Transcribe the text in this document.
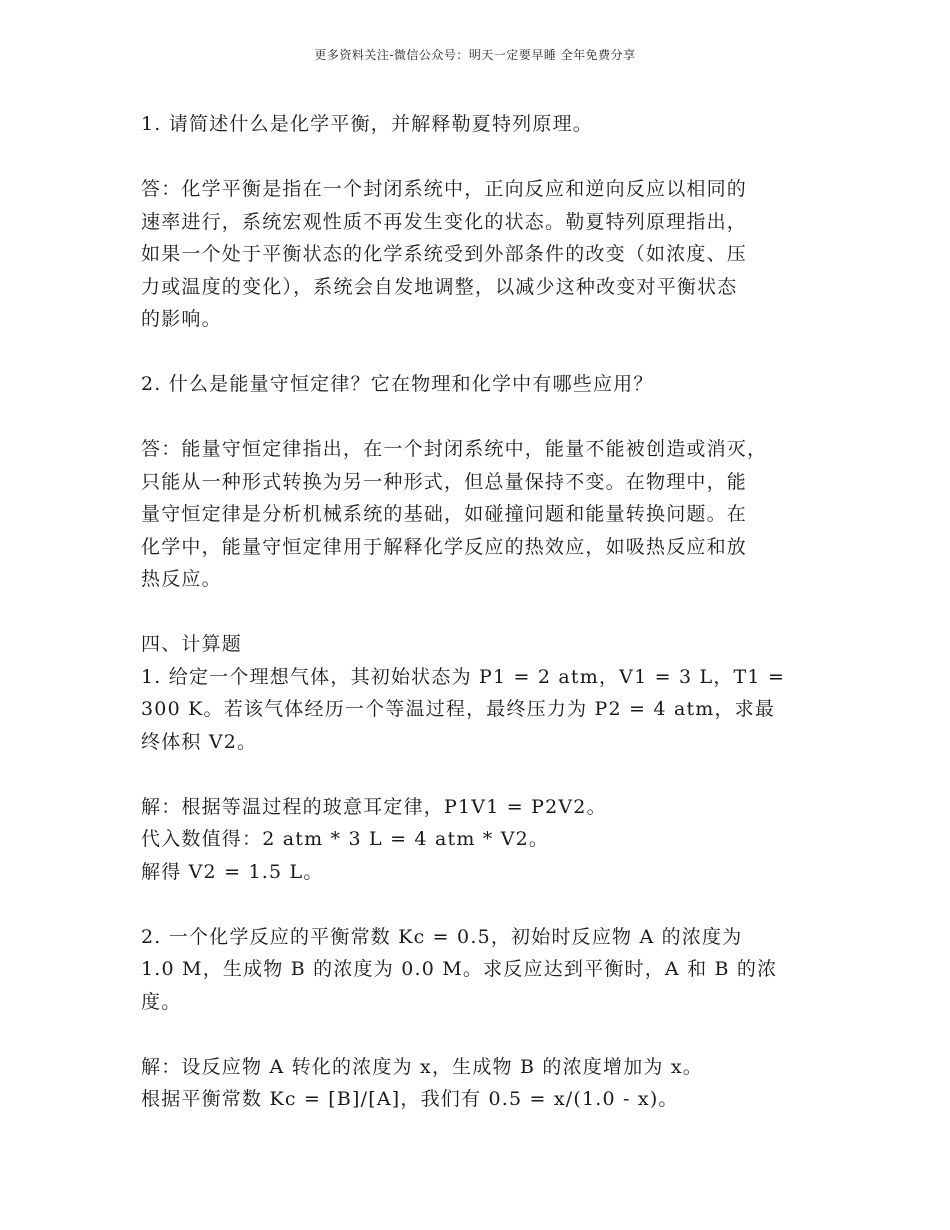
更多资料关注-微信公众号：明天一定要早睡 全年免费分享
1. 请简述什么是化学平衡，并解释勒夏特列原理。
答：化学平衡是指在一个封闭系统中，正向反应和逆向反应以相同的
速率进行，系统宏观性质不再发生变化的状态。勒夏特列原理指出，
如果一个处于平衡状态的化学系统受到外部条件的改变（如浓度、压
力或温度的变化），系统会自发地调整，以减少这种改变对平衡状态
的影响。
2. 什么是能量守恒定律？它在物理和化学中有哪些应用？
答：能量守恒定律指出，在一个封闭系统中，能量不能被创造或消灭，
只能从一种形式转换为另一种形式，但总量保持不变。在物理中，能
量守恒定律是分析机械系统的基础，如碰撞问题和能量转换问题。在
化学中，能量守恒定律用于解释化学反应的热效应，如吸热反应和放
热反应。
四、计算题
1. 给定一个理想气体，其初始状态为 P1 = 2 atm，V1 = 3 L，T1 =
300 K。若该气体经历一个等温过程，最终压力为 P2 = 4 atm，求最
终体积 V2。
解：根据等温过程的玻意耳定律，P1V1 = P2V2。
代入数值得：2 atm * 3 L = 4 atm * V2。
解得 V2 = 1.5 L。
2. 一个化学反应的平衡常数 Kc = 0.5，初始时反应物 A 的浓度为
1.0 M，生成物 B 的浓度为 0.0 M。求反应达到平衡时，A 和 B 的浓
度。
解：设反应物 A 转化的浓度为 x，生成物 B 的浓度增加为 x。
根据平衡常数 Kc = [B]/[A]，我们有 0.5 = x/(1.0 - x)。
